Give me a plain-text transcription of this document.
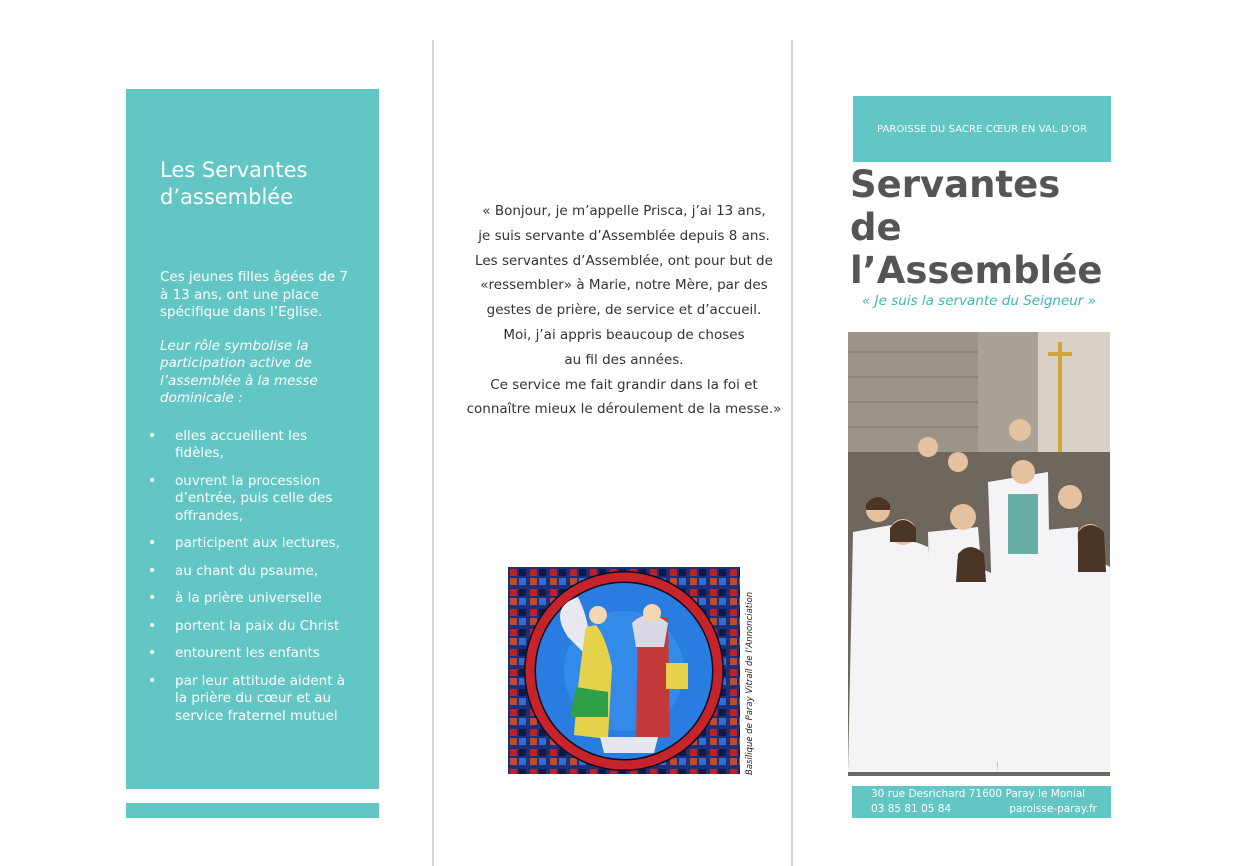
Les Servantes
d’assemblée

Ces jeunes filles âgées de 7 à 13 ans, ont une place spécifique dans l’Eglise.

Leur rôle symbolise la participation active de l’assemblée à la messe dominicale :

• elles accueillent les fidèles,
• ouvrent la procession d’entrée, puis celle des offrandes,
• participent aux lectures,
• au chant du psaume,
• à la prière universelle
• portent la paix du Christ
• entourent les enfants
• par leur attitude aident à la prière du cœur et au service fraternel mutuel
« Bonjour, je m’appelle Prisca, j’ai 13 ans,
je suis servante d’Assemblée depuis 8 ans.
Les servantes d’Assemblée, ont pour but de
«ressembler» à Marie, notre Mère, par des
gestes de prière, de service et d’accueil.
Moi, j’ai appris beaucoup de choses
au fil des années.
Ce service me fait grandir dans la foi et
connaître mieux le déroulement de la messe.»
Basilique de Paray Vitrail de l’Annonciation
PAROISSE DU SACRE CŒUR EN VAL D’OR
Servantes
de
l’Assemblée
« Je suis la servante du Seigneur »
30 rue Desrichard 71600 Paray le Monial
03 85 81 05 84	paroisse-paray.fr
